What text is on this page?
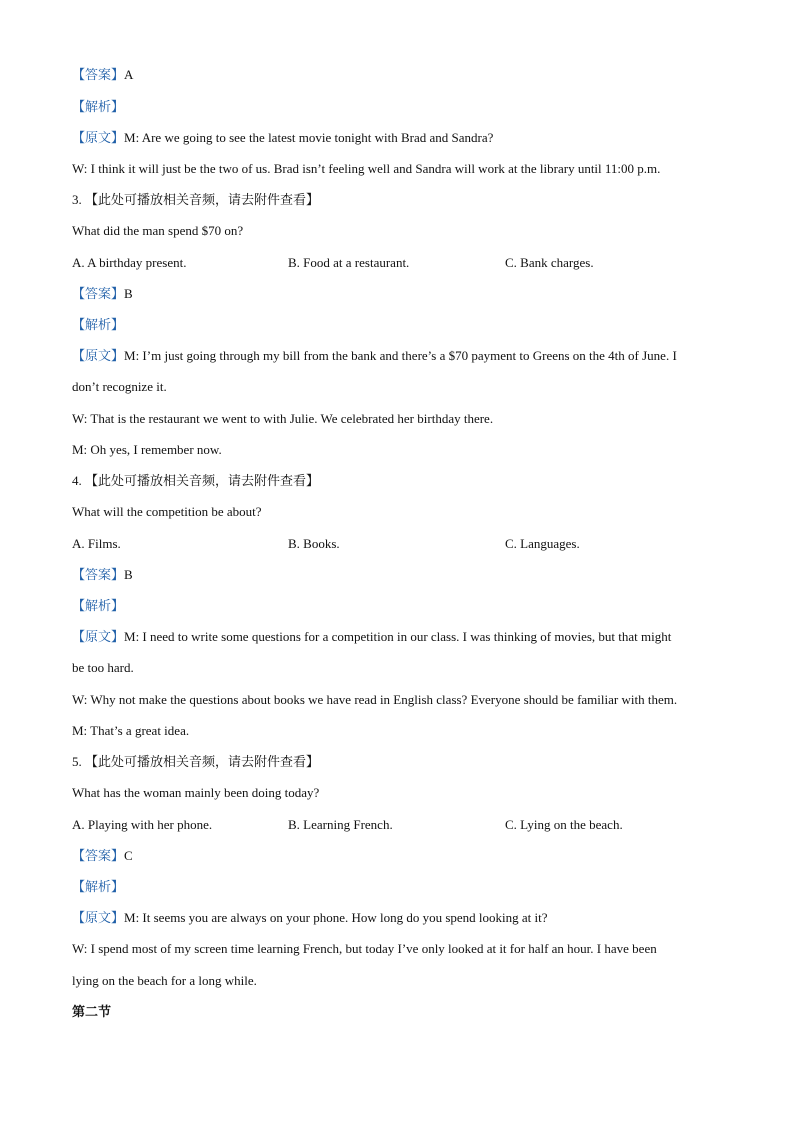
【答案】A
【解析】
【原文】M: Are we going to see the latest movie tonight with Brad and Sandra?
W: I think it will just be the two of us. Brad isn’t feeling well and Sandra will work at the library until 11:00 p.m.
3. 【此处可播放相关音频，请去附件查看】
What did the man spend $70 on?
A. A birthday present.	B. Food at a restaurant.	C. Bank charges.
【答案】B
【解析】
【原文】M: I’m just going through my bill from the bank and there’s a $70 payment to Greens on the 4th of June. I
don’t recognize it.
W: That is the restaurant we went to with Julie. We celebrated her birthday there.
M: Oh yes, I remember now.
4. 【此处可播放相关音频，请去附件查看】
What will the competition be about?
A. Films.	B. Books.	C. Languages.
【答案】B
【解析】
【原文】M: I need to write some questions for a competition in our class. I was thinking of movies, but that might
be too hard.
W: Why not make the questions about books we have read in English class? Everyone should be familiar with them.
M: That’s a great idea.
5. 【此处可播放相关音频，请去附件查看】
What has the woman mainly been doing today?
A. Playing with her phone.	B. Learning French.	C. Lying on the beach.
【答案】C
【解析】
【原文】M: It seems you are always on your phone. How long do you spend looking at it?
W: I spend most of my screen time learning French, but today I’ve only looked at it for half an hour. I have been
lying on the beach for a long while.
第二节
